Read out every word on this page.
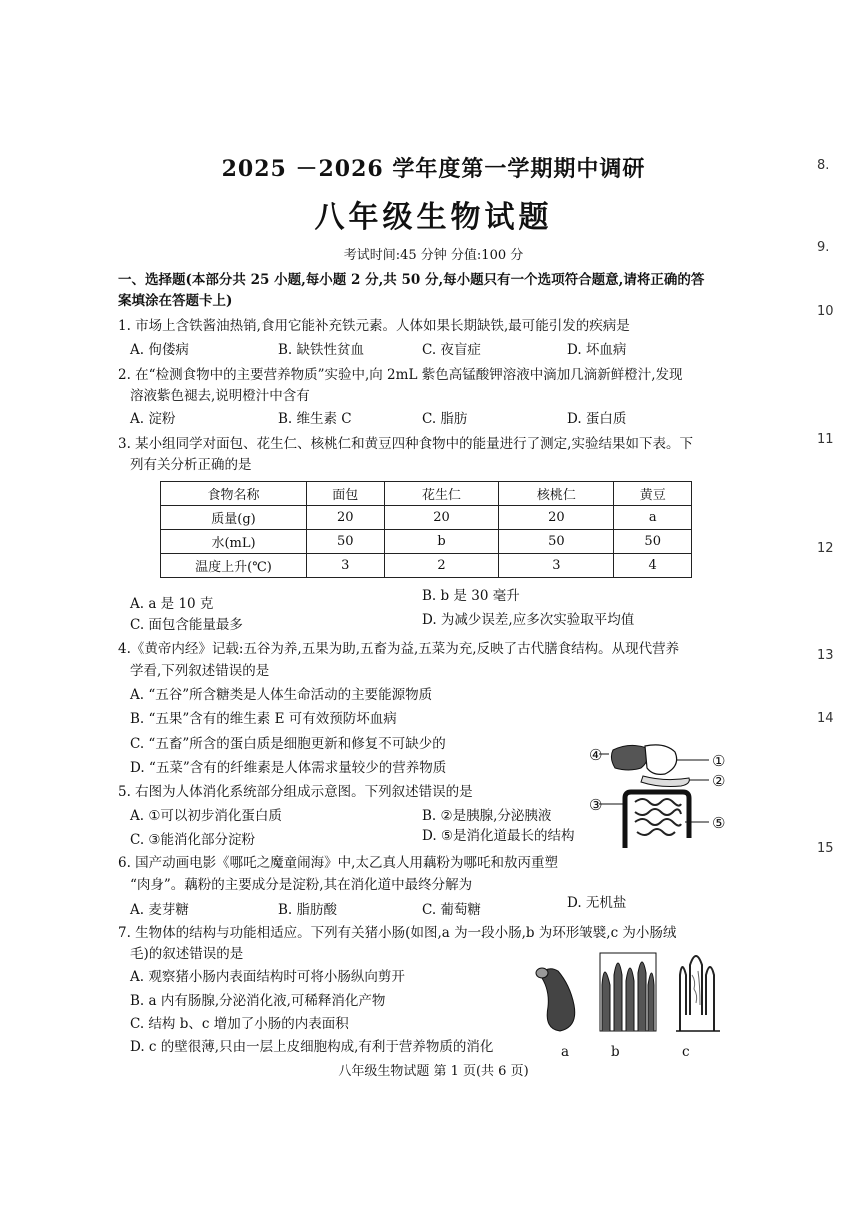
2025 －2026 学年度第一学期期中调研
八年级生物试题
考试时间:45 分钟 分值:100 分
一、选择题(本部分共 25 小题,每小题 2 分,共 50 分,每小题只有一个选项符合题意,请将正确的答
案填涂在答题卡上)
1. 市场上含铁酱油热销,食用它能补充铁元素。人体如果长期缺铁,最可能引发的疾病是
A. 佝偻病	B. 缺铁性贫血	C. 夜盲症	D. 坏血病
2. 在“检测食物中的主要营养物质”实验中,向 2mL 紫色高锰酸钾溶液中滴加几滴新鲜橙汁,发现
溶液紫色褪去,说明橙汁中含有
A. 淀粉	B. 维生素 C	C. 脂肪	D. 蛋白质
3. 某小组同学对面包、花生仁、核桃仁和黄豆四种食物中的能量进行了测定,实验结果如下表。下
列有关分析正确的是
食物名称	面包	花生仁	核桃仁	黄豆
质量(g)	20	20	20	a
水(mL)	50	b	50	50
温度上升(℃)	3	2	3	4
A. a 是 10 克	B. b 是 30 毫升
C. 面包含能量最多	D. 为减少误差,应多次实验取平均值
4.《黄帝内经》记载:五谷为养,五果为助,五畜为益,五菜为充,反映了古代膳食结构。从现代营养
学看,下列叙述错误的是
A. “五谷”所含糖类是人体生命活动的主要能源物质
B. “五果”含有的维生素 E 可有效预防坏血病
C. “五畜”所含的蛋白质是细胞更新和修复不可缺少的
D. “五菜”含有的纤维素是人体需求量较少的营养物质
5. 右图为人体消化系统部分组成示意图。下列叙述错误的是
A. ①可以初步消化蛋白质	B. ②是胰腺,分泌胰液
C. ③能消化部分淀粉	D. ⑤是消化道最长的结构
④	①
②
③
⑤
6. 国产动画电影《哪吒之魔童闹海》中,太乙真人用藕粉为哪吒和敖丙重塑
“肉身”。藕粉的主要成分是淀粉,其在消化道中最终分解为
A. 麦芽糖	B. 脂肪酸	C. 葡萄糖	D. 无机盐
7. 生物体的结构与功能相适应。下列有关猪小肠(如图,a 为一段小肠,b 为环形皱襞,c 为小肠绒
毛)的叙述错误的是
A. 观察猪小肠内表面结构时可将小肠纵向剪开
B. a 内有肠腺,分泌消化液,可稀释消化产物
C. 结构 b、c 增加了小肠的内表面积
D. c 的壁很薄,只由一层上皮细胞构成,有利于营养物质的消化	a	b	c
八年级生物试题 第 1 页(共 6 页)
8.
9.
10
11
12
13
14
15
